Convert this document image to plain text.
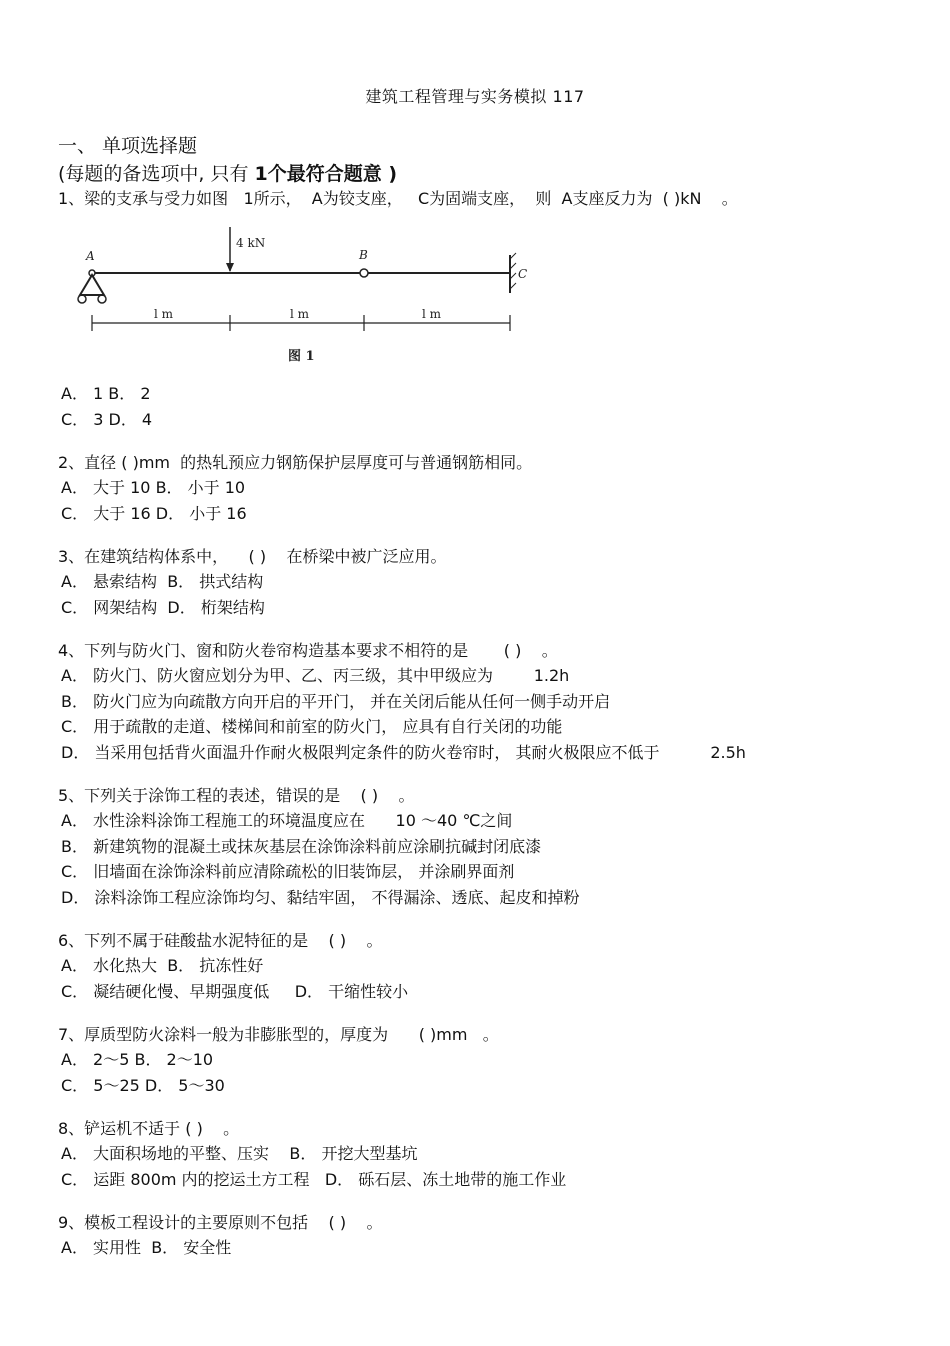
建筑工程管理与实务模拟 117
一、 单项选择题
(每题的备选项中, 只有 1个最符合题意 )
1、梁的支承与受力如图   1所示，  A为铰支座，   C为固端支座，  则  A支座反力为  ( )kN    。
4 kN
A	B
C
l m	l m	l m
图 1
A． 1 B． 2
C． 3 D． 4
2、直径 ( )mm  的热轧预应力钢筋保护层厚度可与普通钢筋相同。
A． 大于 10 B． 小于 10
C． 大于 16 D． 小于 16
3、在建筑结构体系中，    ( )    在桥梁中被广泛应用。
A． 悬索结构  B． 拱式结构
C． 网架结构  D． 桁架结构
4、下列与防火门、窗和防火卷帘构造基本要求不相符的是       ( )    。
A． 防火门、防火窗应划分为甲、乙、丙三级，其中甲级应为        1.2h
B． 防火门应为向疏散方向开启的平开门， 并在关闭后能从任何一侧手动开启
C． 用于疏散的走道、楼梯间和前室的防火门， 应具有自行关闭的功能
D． 当采用包括背火面温升作耐火极限判定条件的防火卷帘时， 其耐火极限应不低于          2.5h
5、下列关于涂饰工程的表述，错误的是    ( )    。
A． 水性涂料涂饰工程施工的环境温度应在      10 ～40 ℃之间
B． 新建筑物的混凝土或抹灰基层在涂饰涂料前应涂刷抗碱封闭底漆
C． 旧墙面在涂饰涂料前应清除疏松的旧装饰层， 并涂刷界面剂
D． 涂料涂饰工程应涂饰均匀、黏结牢固， 不得漏涂、透底、起皮和掉粉
6、下列不属于硅酸盐水泥特征的是    ( )    。
A． 水化热大  B． 抗冻性好
C． 凝结硬化慢、早期强度低     D． 干缩性较小
7、厚质型防火涂料一般为非膨胀型的，厚度为      ( )mm   。
A． 2～5 B． 2～10
C． 5～25 D． 5～30
8、铲运机不适于 ( )    。
A． 大面积场地的平整、压实    B． 开挖大型基坑
C． 运距 800m 内的挖运土方工程   D． 砾石层、冻土地带的施工作业
9、模板工程设计的主要原则不包括    ( )    。
A． 实用性  B． 安全性
